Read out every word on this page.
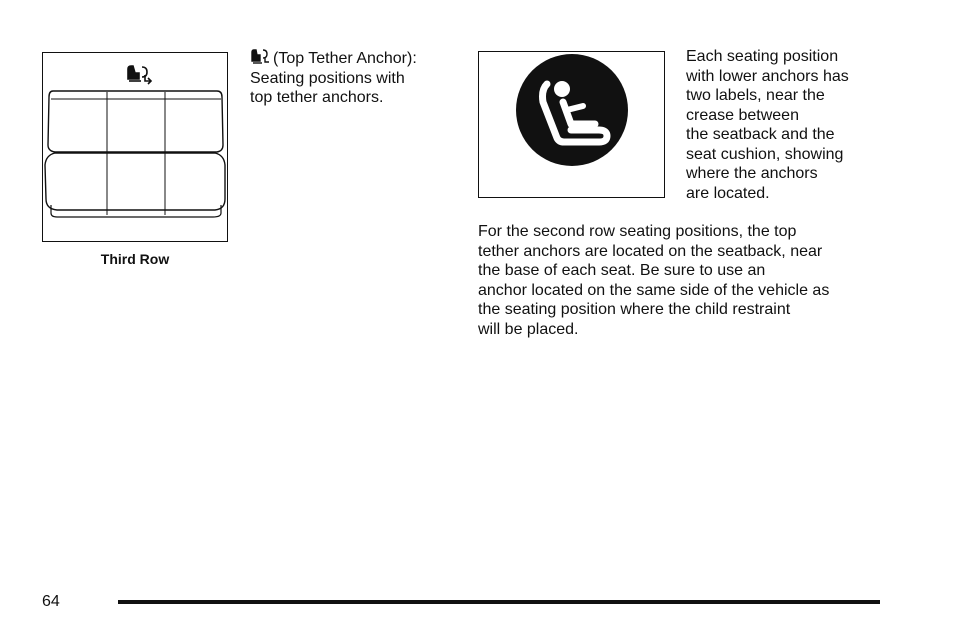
Third Row
(Top Tether Anchor):
Seating positions with
top tether anchors.
Each seating position
with lower anchors has
two labels, near the
crease between
the seatback and the
seat cushion, showing
where the anchors
are located.
For the second row seating positions, the top
tether anchors are located on the seatback, near
the base of each seat. Be sure to use an
anchor located on the same side of the vehicle as
the seating position where the child restraint
will be placed.
64
